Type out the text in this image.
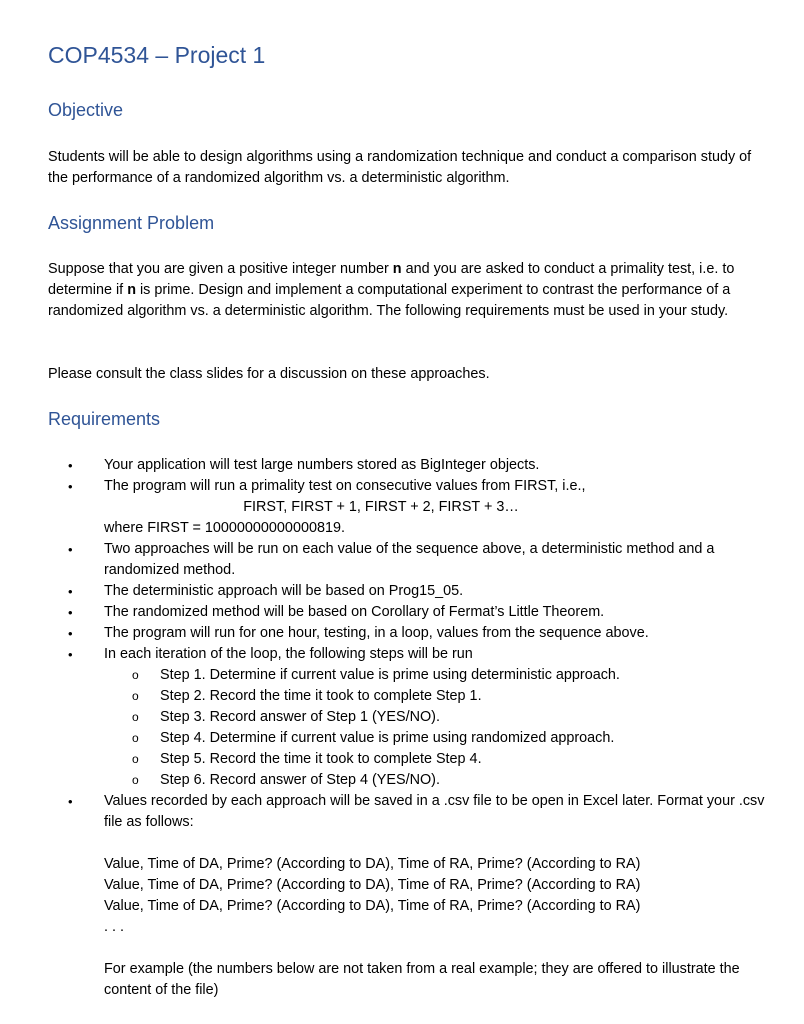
COP4534 – Project 1
Objective
Students will be able to design algorithms using a randomization technique and conduct a comparison study of the performance of a randomized algorithm vs. a deterministic algorithm.
Assignment Problem
Suppose that you are given a positive integer number n and you are asked to conduct a primality test, i.e. to determine if n is prime. Design and implement a computational experiment to contrast the performance of a randomized algorithm vs. a deterministic algorithm. The following requirements must be used in your study.
Please consult the class slides for a discussion on these approaches.
Requirements
• Your application will test large numbers stored as BigInteger objects.
• The program will run a primality test on consecutive values from FIRST, i.e.,
FIRST, FIRST + 1, FIRST + 2, FIRST + 3…
where FIRST = 10000000000000819.
• Two approaches will be run on each value of the sequence above, a deterministic method and a randomized method.
• The deterministic approach will be based on Prog15_05.
• The randomized method will be based on Corollary of Fermat’s Little Theorem.
• The program will run for one hour, testing, in a loop, values from the sequence above.
• In each iteration of the loop, the following steps will be run
o Step 1. Determine if current value is prime using deterministic approach.
o Step 2. Record the time it took to complete Step 1.
o Step 3. Record answer of Step 1 (YES/NO).
o Step 4. Determine if current value is prime using randomized approach.
o Step 5. Record the time it took to complete Step 4.
o Step 6. Record answer of Step 4 (YES/NO).
• Values recorded by each approach will be saved in a .csv file to be open in Excel later. Format your .csv file as follows:
Value, Time of DA, Prime? (According to DA), Time of RA, Prime? (According to RA)
Value, Time of DA, Prime? (According to DA), Time of RA, Prime? (According to RA)
Value, Time of DA, Prime? (According to DA), Time of RA, Prime? (According to RA)
. . .
For example (the numbers below are not taken from a real example; they are offered to illustrate the content of the file)
